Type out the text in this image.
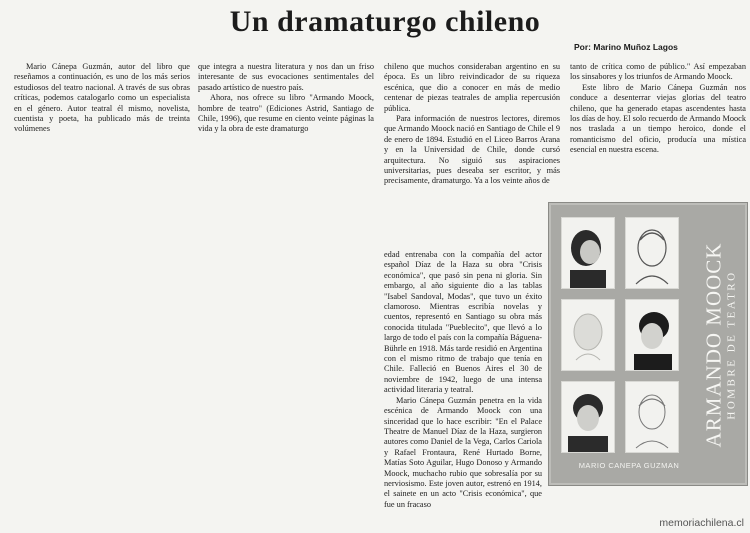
Un dramaturgo chileno
Por: Marino Muñoz Lagos

Mario Cánepa Guzmán, autor del libro que reseñamos a continuación, es uno de los más serios estudiosos del teatro nacional. A través de sus obras críticas, podemos catalogarlo como un especialista en el género. Autor teatral él mismo, novelista, cuentista y poeta, ha publicado más de treinta volúmenes

que integra a nuestra literatura y nos dan un friso interesante de sus evocaciones sentimentales del pasado artístico de nuestro país.

Ahora, nos ofrece su libro "Armando Moock, hombre de teatro" (Ediciones Astrid, Santiago de Chile, 1996), que resume en ciento veinte páginas la vida y la obra de este dramaturgo

chileno que muchos consideraban argentino en su época. Es un libro reivindicador de su riqueza escénica, que dio a conocer en más de medio centenar de piezas teatrales de amplia repercusión pública.

Para información de nuestros lectores, diremos que Armando Moock nació en Santiago de Chile el 9 de enero de 1894. Estudió en el Liceo Barros Arana y en la Universidad de Chile, donde cursó arquitectura. No siguió sus aspiraciones universitarias, pues deseaba ser escritor, y más precisamente, dramaturgo. Ya a los veinte años de

edad entrenaba con la compañía del actor español Díaz de la Haza su obra "Crisis económica", que pasó sin pena ni gloria. Sin embargo, al año siguiente dio a las tablas "Isabel Sandoval, Modas", que tuvo un éxito clamoroso. Mientras escribía novelas y cuentos, representó en Santiago su obra más conocida titulada "Pueblecito", que llevó a lo largo de todo el país con la compañía Báguena-Bührle en 1918. Más tarde residió en Argentina con el mismo ritmo de trabajo que tenía en Chile. Falleció en Buenos Aires el 30 de noviembre de 1942, luego de una intensa actividad literaria y teatral.

Mario Cánepa Guzmán penetra en la vida escénica de Armando Moock con una sinceridad que lo hace escribir: "En el Palace Theatre de Manuel Díaz de la Haza, surgieron autores como Daniel de la Vega, Carlos Cariola y Rafael Frontaura, René Hurtado Borne, Matías Soto Aguilar, Hugo Donoso y Armando Moock, muchacho rubio que sobresalía por su nerviosismo. Este joven autor, estrenó en 1914, el sainete en un acto "Crisis económica", que fue un fracaso

tanto de crítica como de público." Así empezaban los sinsabores y los triunfos de Armando Moock.

Este libro de Mario Cánepa Guzmán nos conduce a desenterrar viejas glorias del teatro chileno, que ha generado etapas ascendentes hasta los días de hoy. El solo recuerdo de Armando Moock nos traslada a un tiempo heroico, donde el romanticismo del oficio, producía una mística esencial en nuestra escena.

ARMANDO MOOCK HOMBRE DE TEATRO
MARIO CANEPA GUZMAN
memoriachilena.cl
